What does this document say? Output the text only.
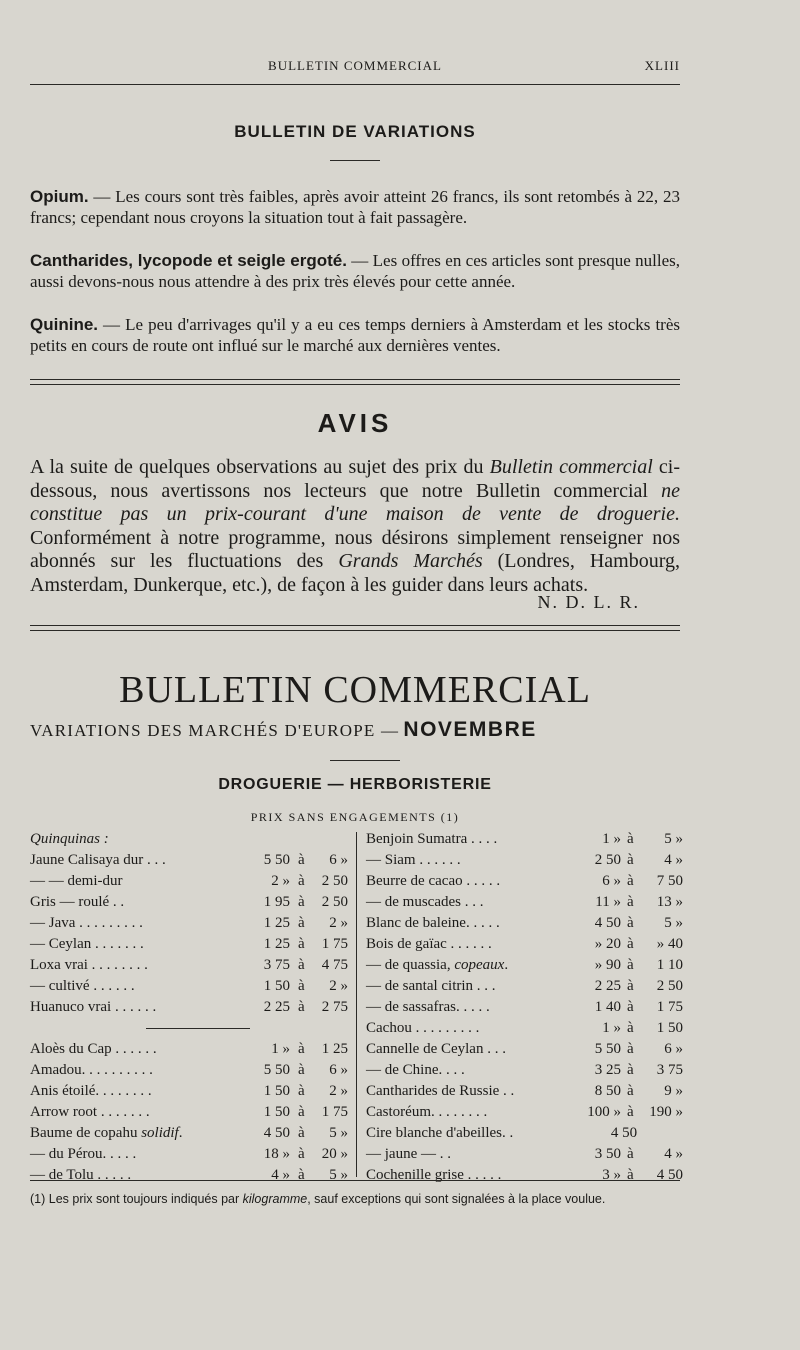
BULLETIN COMMERCIAL	XLIII
BULLETIN DE VARIATIONS
Opium. — Les cours sont très faibles, après avoir atteint 26 francs, ils sont retombés à 22, 23 francs; cependant nous croyons la situation tout à fait passagère.
Cantharides, lycopode et seigle ergoté. — Les offres en ces articles sont presque nulles, aussi devons-nous nous attendre à des prix très élevés pour cette année.
Quinine. — Le peu d'arrivages qu'il y a eu ces temps derniers à Amsterdam et les stocks très petits en cours de route ont influé sur le marché aux dernières ventes.
AVIS
A la suite de quelques observations au sujet des prix du Bulletin commercial ci-dessous, nous avertissons nos lecteurs que notre Bulletin commercial ne constitue pas un prix-courant d'une maison de vente de droguerie. Conformément à notre programme, nous désirons simplement renseigner nos abonnés sur les fluctuations des Grands Marchés (Londres, Hambourg, Amsterdam, Dunkerque, etc.), de façon à les guider dans leurs achats.
N. D. L. R.
BULLETIN COMMERCIAL
VARIATIONS DES MARCHÉS D'EUROPE — NOVEMBRE
DROGUERIE — HERBORISTERIE
PRIX SANS ENGAGEMENTS (1)
Quinquinas :
Jaune Calisaya dur . . .	5 50 à	6 »
— — demi-dur	2 » à	2 50
Gris — roulé . .	1 95 à	2 50
— Java . . . . . . . . .	1 25 à	2 »
— Ceylan . . . . . . .	1 25 à	1 75
Loxa vrai . . . . . . . .	3 75 à	4 75
— cultivé . . . . . .	1 50 à	2 »
Huanuco vrai . . . . . .	2 25 à	2 75
Aloès du Cap . . . . . .	1 » à	1 25
Amadou. . . . . . . . . .	5 50 à	6 »
Anis étoilé. . . . . . . .	1 50 à	2 »
Arrow root . . . . . . .	1 50 à	1 75
Baume de copahu solidif.	4 50 à	5 »
— du Pérou. . . . .	18 » à	20 »
— de Tolu . . . . .	4 » à	5 »
Benjoin Sumatra . . . .	1 » à	5 »
— Siam . . . . . .	2 50 à	4 »
Beurre de cacao . . . . .	6 » à	7 50
— de muscades . . .	11 » à	13 »
Blanc de baleine. . . . .	4 50 à	5 »
Bois de gaïac . . . . . .	» 20 à	» 40
— de quassia, copeaux.	» 90 à	1 10
— de santal citrin . . .	2 25 à	2 50
— de sassafras. . . . .	1 40 à	1 75
Cachou . . . . . . . . .	1 » à	1 50
Cannelle de Ceylan . . .	5 50 à	6 »
— de Chine. . . .	3 25 à	3 75
Cantharides de Russie . .	8 50 à	9 »
Castoréum. . . . . . . .	100 » à	190 »
Cire blanche d'abeilles. .	4 50
— jaune — . .	3 50 à	4 »
Cochenille grise . . . . .	3 » à	4 50
(1) Les prix sont toujours indiqués par kilogramme, sauf exceptions qui sont signalées à la place voulue.
